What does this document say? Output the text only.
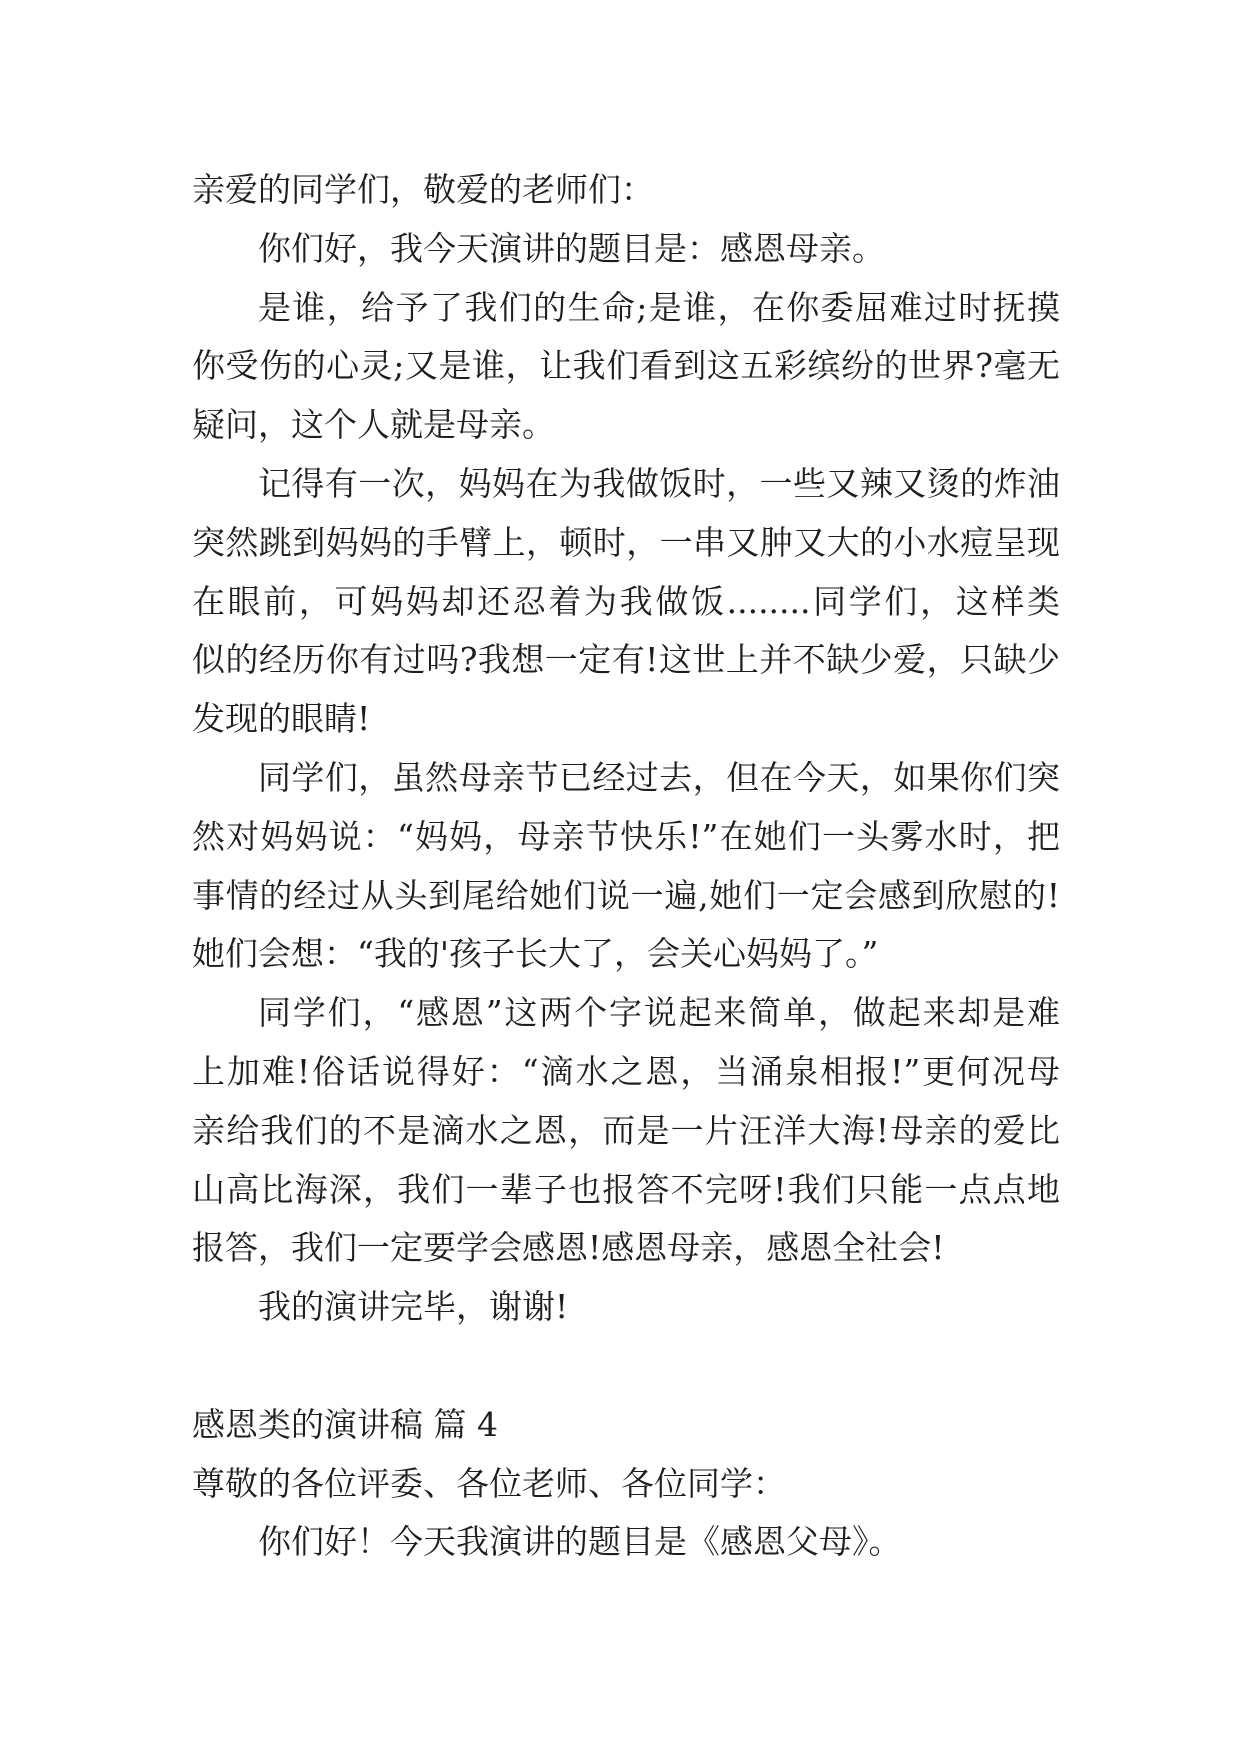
亲爱的同学们，敬爱的老师们：
你们好，我今天演讲的题目是：感恩母亲。
是谁，给予了我们的生命;是谁，在你委屈难过时抚摸
你受伤的心灵;又是谁，让我们看到这五彩缤纷的世界?毫无
疑问，这个人就是母亲。
记得有一次，妈妈在为我做饭时，一些又辣又烫的炸油
突然跳到妈妈的手臂上，顿时，一串又肿又大的小水痘呈现
在眼前，可妈妈却还忍着为我做饭........同学们，这样类
似的经历你有过吗?我想一定有!这世上并不缺少爱，只缺少
发现的眼睛!
同学们，虽然母亲节已经过去，但在今天，如果你们突
然对妈妈说：“妈妈，母亲节快乐!”在她们一头雾水时，把
事情的经过从头到尾给她们说一遍,她们一定会感到欣慰的!
她们会想：“我的'孩子长大了，会关心妈妈了。”
同学们，“感恩”这两个字说起来简单，做起来却是难
上加难!俗话说得好：“滴水之恩，当涌泉相报!”更何况母
亲给我们的不是滴水之恩，而是一片汪洋大海!母亲的爱比
山高比海深，我们一辈子也报答不完呀!我们只能一点点地
报答，我们一定要学会感恩!感恩母亲，感恩全社会!
我的演讲完毕，谢谢!
感恩类的演讲稿 篇 4
尊敬的各位评委、各位老师、各位同学：
你们好！今天我演讲的题目是《感恩父母》。
